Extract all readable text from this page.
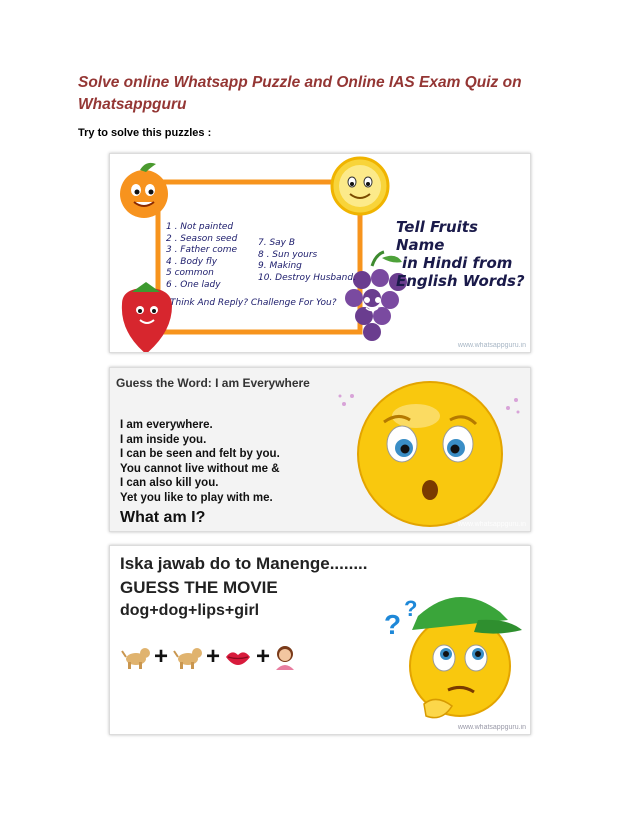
Solve online Whatsapp Puzzle and Online IAS Exam Quiz on Whatsappguru

Try to solve this puzzles :

1 . Not painted
2 . Season seed
3 . Father come
4 . Body fly
5 common
6 . One lady
7. Say B
8 . Sun yours
9. Making
10. Destroy Husband.
Think And Reply? Challenge For You?
Tell Fruits Name
in Hindi from
English Words?
www.whatsappguru.in
Guess the Word: I am Everywhere
I am everywhere.
I am inside you.
I can be seen and felt by you.
You cannot live without me &
I can also kill you.
Yet you like to play with me.
What am I?	www.whatsappguru.in
Iska jawab do to Manenge........
GUESS THE MOVIE
dog+dog+lips+girl
+ + +
?
?
www.whatsappguru.in
